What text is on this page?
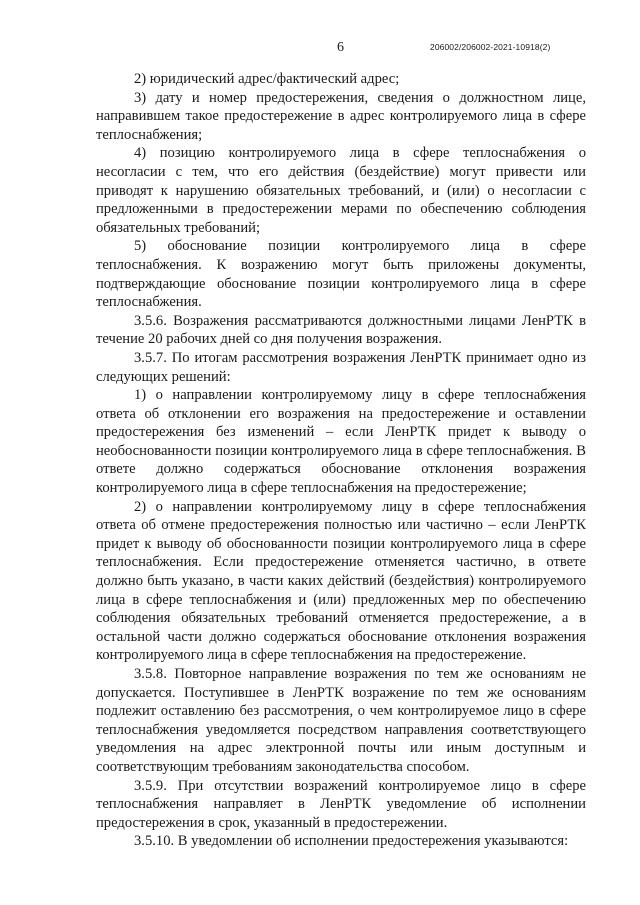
6	206002/206002-2021-10918(2)

2) юридический адрес/фактический адрес;

3) дату и номер предостережения, сведения о должностном лице, направившем такое предостережение в адрес контролируемого лица в сфере теплоснабжения;

4) позицию контролируемого лица в сфере теплоснабжения о несогласии с тем, что его действия (бездействие) могут привести или приводят к нарушению обязательных требований, и (или) о несогласии с предложенными в предостережении мерами по обеспечению соблюдения обязательных требований;

5) обоснование позиции контролируемого лица в сфере теплоснабжения. К возражению могут быть приложены документы, подтверждающие обоснование позиции контролируемого лица в сфере теплоснабжения.

3.5.6. Возражения рассматриваются должностными лицами ЛенРТК в течение 20 рабочих дней со дня получения возражения.

3.5.7. По итогам рассмотрения возражения ЛенРТК принимает одно из следующих решений:

1) о направлении контролируемому лицу в сфере теплоснабжения ответа об отклонении его возражения на предостережение и оставлении предостережения без изменений – если ЛенРТК придет к выводу о необоснованности позиции контролируемого лица в сфере теплоснабжения. В ответе должно содержаться обоснование отклонения возражения контролируемого лица в сфере теплоснабжения на предостережение;

2) о направлении контролируемому лицу в сфере теплоснабжения ответа об отмене предостережения полностью или частично – если ЛенРТК придет к выводу об обоснованности позиции контролируемого лица в сфере теплоснабжения. Если предостережение отменяется частично, в ответе должно быть указано, в части каких действий (бездействия) контролируемого лица в сфере теплоснабжения и (или) предложенных мер по обеспечению соблюдения обязательных требований отменяется предостережение, а в остальной части должно содержаться обоснование отклонения возражения контролируемого лица в сфере теплоснабжения на предостережение.

3.5.8. Повторное направление возражения по тем же основаниям не допускается. Поступившее в ЛенРТК возражение по тем же основаниям подлежит оставлению без рассмотрения, о чем контролируемое лицо в сфере теплоснабжения уведомляется посредством направления соответствующего уведомления на адрес электронной почты или иным доступным и соответствующим требованиям законодательства способом.

3.5.9. При отсутствии возражений контролируемое лицо в сфере теплоснабжения направляет в ЛенРТК уведомление об исполнении предостережения в срок, указанный в предостережении.

3.5.10. В уведомлении об исполнении предостережения указываются:
